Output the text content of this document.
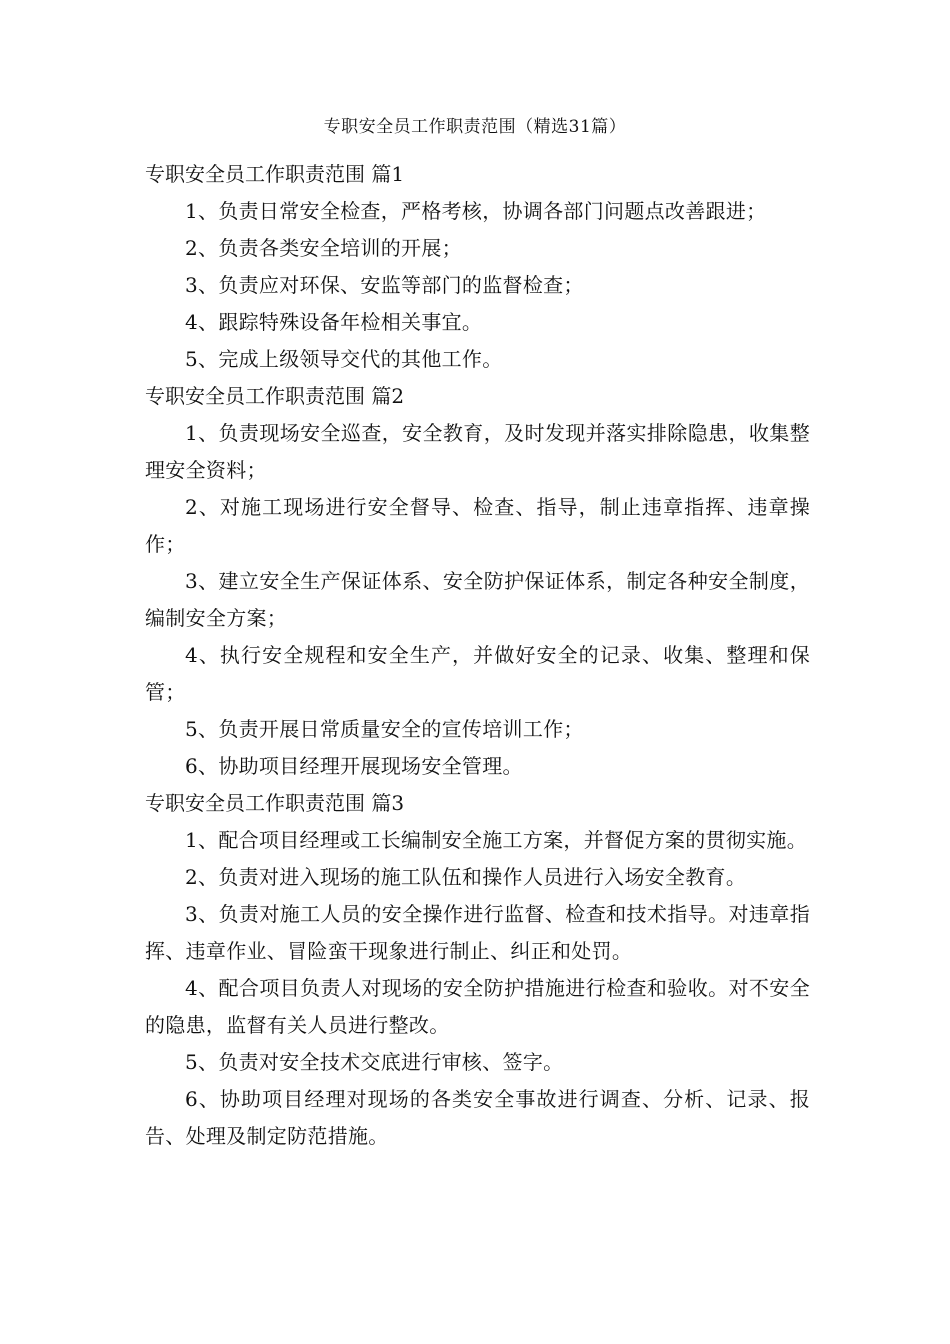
专职安全员工作职责范围（精选31篇）

专职安全员工作职责范围 篇1

1、负责日常安全检查，严格考核，协调各部门问题点改善跟进；

2、负责各类安全培训的开展；

3、负责应对环保、安监等部门的监督检查；

4、跟踪特殊设备年检相关事宜。

5、完成上级领导交代的其他工作。

专职安全员工作职责范围 篇2

1、负责现场安全巡查，安全教育，及时发现并落实排除隐患，收集整理安全资料；

2、对施工现场进行安全督导、检查、指导，制止违章指挥、违章操作；

3、建立安全生产保证体系、安全防护保证体系，制定各种安全制度，编制安全方案；

4、执行安全规程和安全生产，并做好安全的记录、收集、整理和保管；

5、负责开展日常质量安全的宣传培训工作；

6、协助项目经理开展现场安全管理。

专职安全员工作职责范围 篇3

1、配合项目经理或工长编制安全施工方案，并督促方案的贯彻实施。

2、负责对进入现场的施工队伍和操作人员进行入场安全教育。

3、负责对施工人员的安全操作进行监督、检查和技术指导。对违章指挥、违章作业、冒险蛮干现象进行制止、纠正和处罚。

4、配合项目负责人对现场的安全防护措施进行检查和验收。对不安全的隐患，监督有关人员进行整改。

5、负责对安全技术交底进行审核、签字。

6、协助项目经理对现场的各类安全事故进行调查、分析、记录、报告、处理及制定防范措施。
